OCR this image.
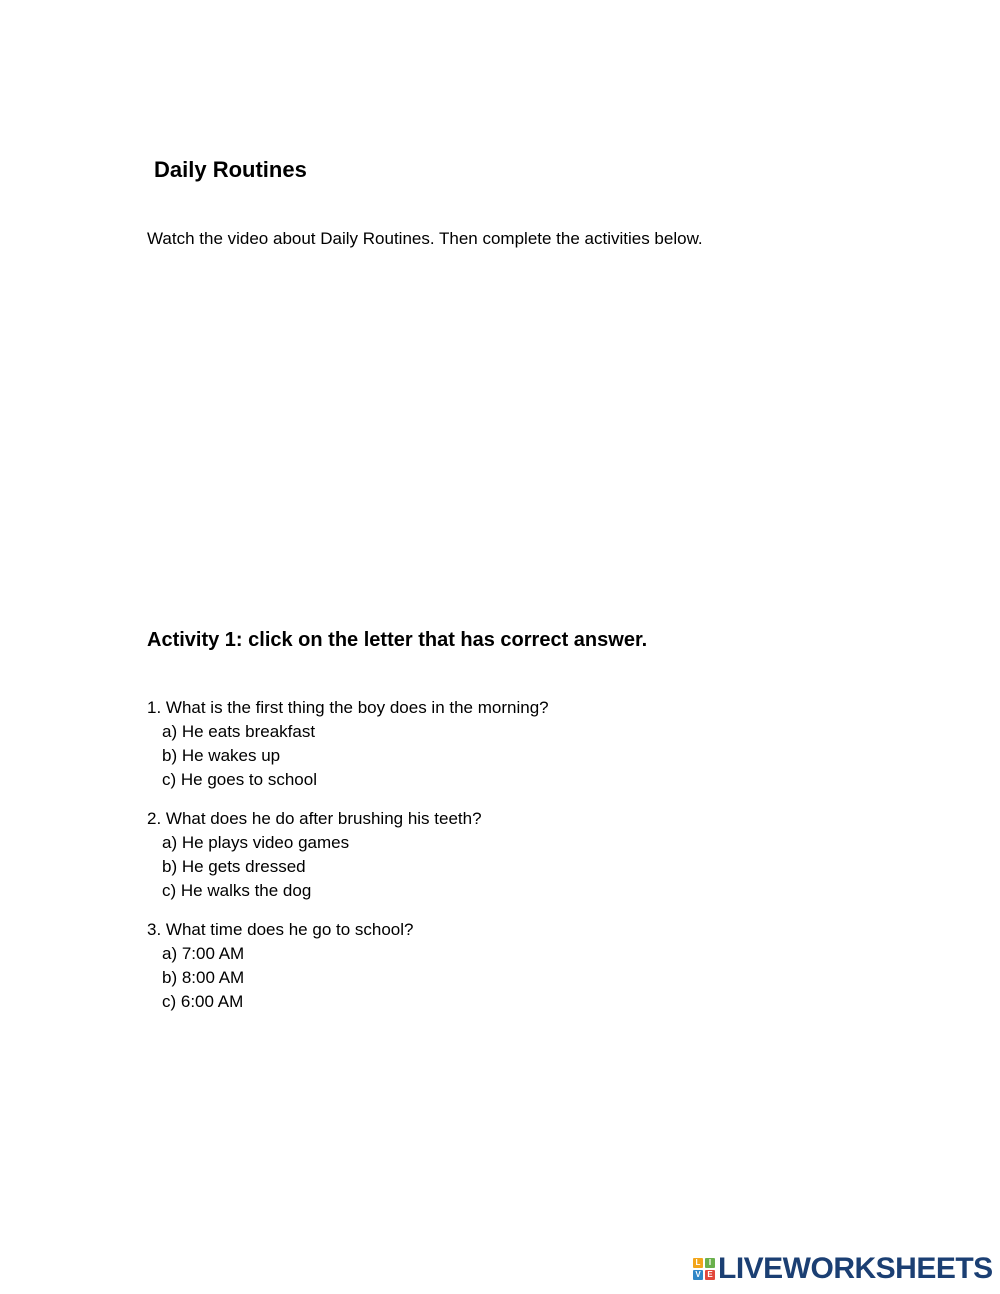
Daily Routines

Watch the video about Daily Routines. Then complete the activities below.

Activity 1: click on the letter that has correct answer.
1. What is the first thing the boy does in the morning?
a) He eats breakfast
b) He wakes up
c) He goes to school
2. What does he do after brushing his teeth?
a) He plays video games
b) He gets dressed
c) He walks the dog
3. What time does he go to school?
a) 7:00 AM
b) 8:00 AM
c) 6:00 AM
L	I
V E LIVEWORKSHEETS
